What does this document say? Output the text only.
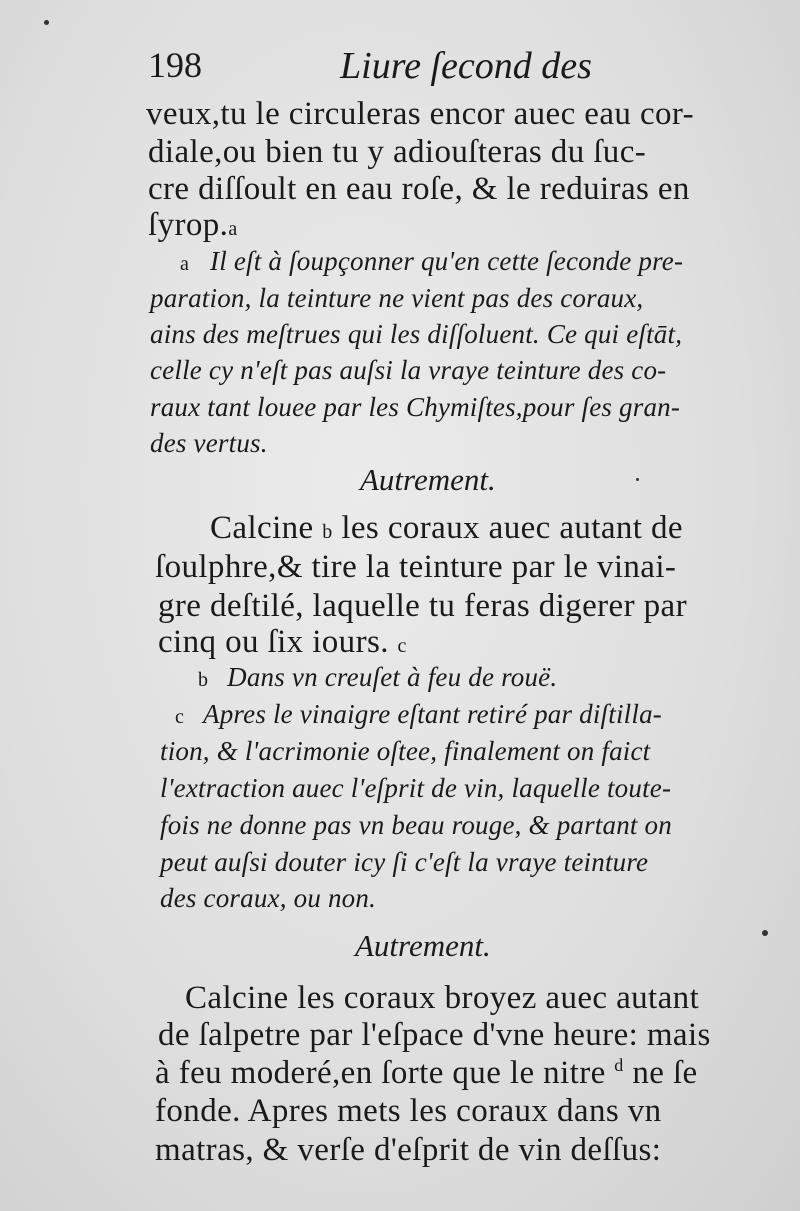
198	Liure ſecond des
veux,tu le circuleras encor auec eau cor-
diale,ou bien tu y adiouſteras du ſuc-
cre diſſoult en eau roſe, & le reduiras en
ſyrop.a
a Il eſt à ſoupçonner qu'en cette ſeconde pre-
paration, la teinture ne vient pas des coraux,
ains des meſtrues qui les diſſoluent. Ce qui eſtāt,
celle cy n'eſt pas auſsi la vraye teinture des co-
raux tant louee par les Chymiſtes,pour ſes gran-
des vertus.
Autrement.
Calcine b les coraux auec autant de
ſoulphre,& tire la teinture par le vinai-
gre deſtilé, laquelle tu feras digerer par
cinq ou ſix iours. c
b Dans vn creuſet à feu de rouë.
c Apres le vinaigre eſtant retiré par diſtilla-
tion, & l'acrimonie oſtee, finalement on faict
l'extraction auec l'eſprit de vin, laquelle toute-
fois ne donne pas vn beau rouge, & partant on
peut auſsi douter icy ſi c'eſt la vraye teinture
des coraux, ou non.
Autrement.
Calcine les coraux broyez auec autant
de ſalpetre par l'eſpace d'vne heure: mais
à feu moderé,en ſorte que le nitre $^d$ ne ſe
fonde. Apres mets les coraux dans vn
matras, & verſe d'eſprit de vin deſſus:
